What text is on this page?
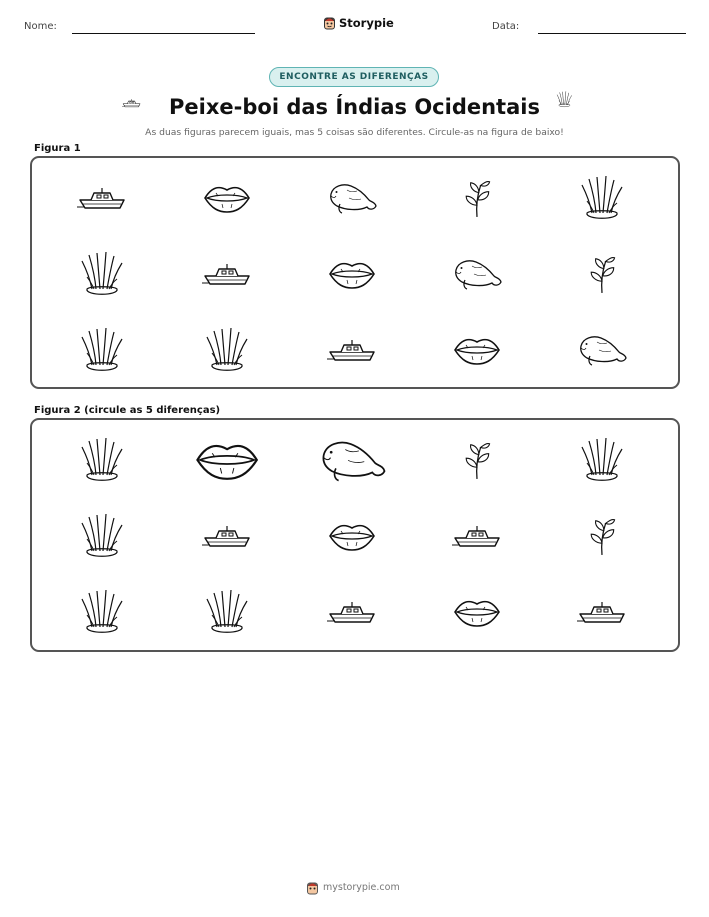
Nome:	Storypie	Data:
ENCONTRE AS DIFERENÇAS
Peixe-boi das Índias Ocidentais
As duas figuras parecem iguais, mas 5 coisas são diferentes. Circule-as na figura de baixo!
Figura 1
Figura 2 (circule as 5 diferenças)
mystorypie.com
